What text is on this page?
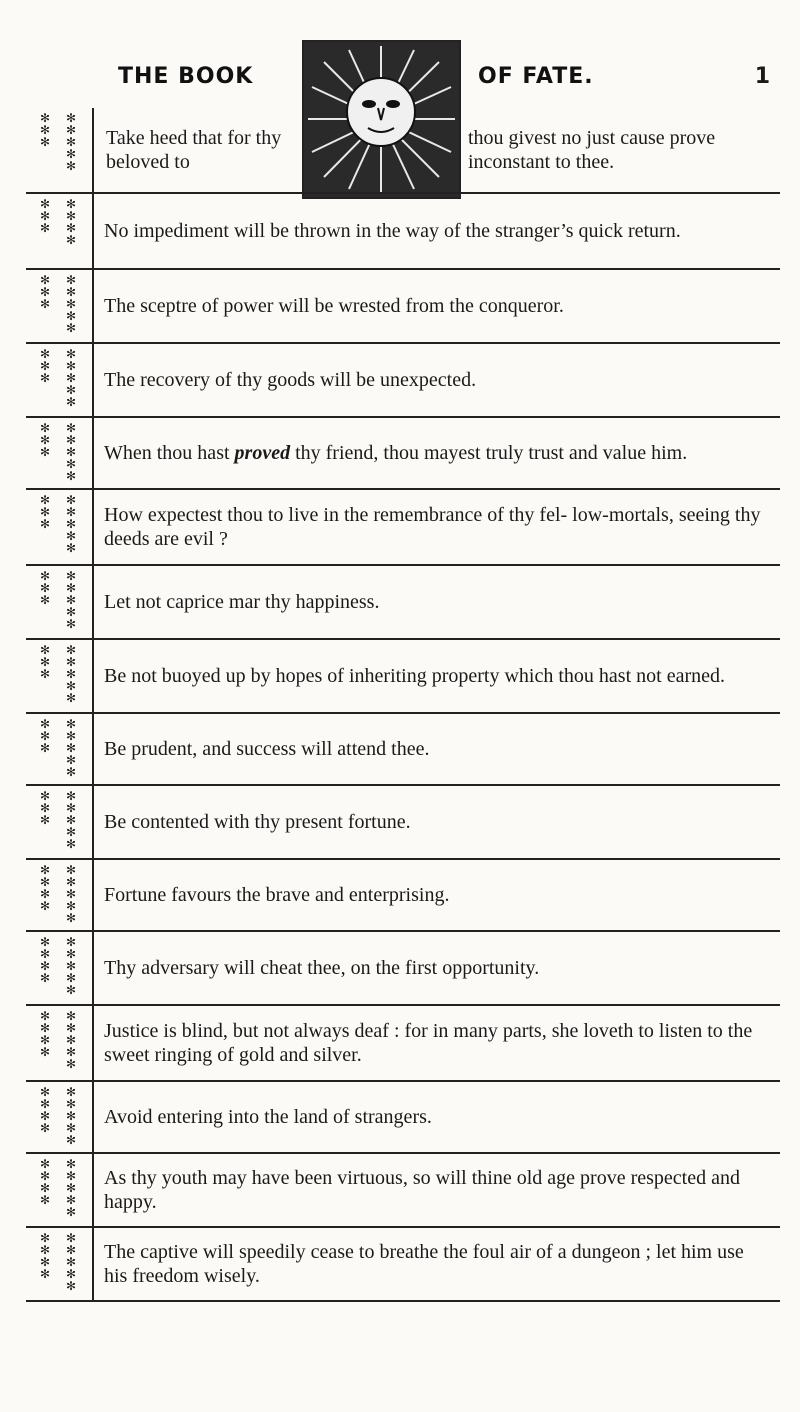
THE BOOK	OF FATE.	1
✻
✻
✻
✻
✻
✻
✻
✻
Take heed that for thy beloved to
thou givest no just cause prove inconstant to thee.
✻
✻
✻
✻
✻
✻
✻ No impediment will be thrown in the way of the stranger’s quick return.
✻
✻
✻
✻
✻
✻
✻
✻
The sceptre of power will be wrested from the conqueror.
✻
✻
✻
✻
✻
✻
✻
✻
The recovery of thy goods will be unexpected.
✻
✻
✻
✻
✻
✻
✻
✻
When thou hast proved thy friend, thou mayest truly trust and value him.
✻
✻
✻
✻
✻
✻
✻
✻
How expectest thou to live in the remembrance of thy fel- low-mortals, seeing thy deeds are evil ?
✻
✻
✻
✻
✻
✻
✻
✻
Let not caprice mar thy happiness.
✻
✻
✻
✻
✻
✻
✻
✻
Be not buoyed up by hopes of inheriting property which thou hast not earned.
✻
✻
✻
✻
✻
✻
✻
✻
Be prudent, and success will attend thee.
✻
✻
✻
✻
✻
✻
✻
✻
Be contented with thy present fortune.
✻
✻
✻
✻
✻
✻
✻
✻
✻
Fortune favours the brave and enterprising.
✻
✻
✻
✻
✻
✻
✻
✻
✻
Thy adversary will cheat thee, on the first opportunity.
✻
✻
✻
✻
✻
✻
✻
✻
✻
Justice is blind, but not always deaf : for in many parts, she loveth to listen to the sweet ringing of gold and silver.
✻
✻
✻
✻
✻
✻
✻
✻
✻
Avoid entering into the land of strangers.
✻
✻
✻
✻
✻
✻
✻
✻
✻
As thy youth may have been virtuous, so will thine old age prove respected and happy.
✻
✻
✻
✻
✻
✻
✻
✻
✻
The captive will speedily cease to breathe the foul air of a dungeon ; let him use his freedom wisely.
